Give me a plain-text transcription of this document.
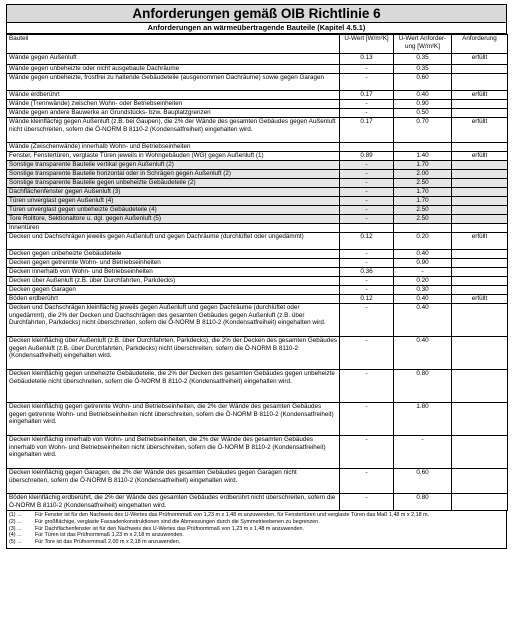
Anforderungen gemäß OIB Richtlinie 6
Anforderungen an wärmeübertragende Bauteile (Kapitel 4.5.1)
Bauteil	U-Wert [W/m²K]	U-Wert Anforder-ung [W/m²K]	Anforderung
Wände gegen Außenluft	0.13	0.35	erfüllt
Wände gegen unbeheizte oder nicht ausgebaute Dachräume	-	0.35	
Wände gegen unbeheizte, frostfrei zu haltende Gebäudeteile (ausgenommen Dachräume) sowie gegen Garagen	-	0.60	
Wände erdberührt	0.17	0.40	erfüllt
Wände (Trennwände) zwischen Wohn- oder Betriebseinheiten	-	0.90	
Wände gegen andere Bauwerke an Grundstücks- bzw. Bauplatzgrenzen	-	0.50	
Wände kleinflächig gegen Außenluft (z.B. bei Gaupen), die 2% der Wände des gesamten Gebäudes gegen Außenluft nicht überschreiten, sofern die Ö-NORM B 8110-2 (Kondensatfreiheit) eingehalten wird.	0.17	0.70	erfüllt
Wände (Zwischenwände) innerhalb Wohn- und Betriebseinheiten			
Fenster, Fenstertüren, verglaste Türen jeweils in Wohngebäuden (WG) gegen Außenluft (1)	0.89	1.40	erfüllt
Sonstige transparente Bauteile vertikal gegen Außenluft (2)	-	1.70	
Sonstige transparente Bauteile horizontal oder in Schrägen gegen Außenluft (2)	-	2.00	
Sonstige transparente Bauteile gegen unbeheizte Gebäudeteile (2)	-	2.50	
Dachflächenfenster gegen Außenluft (3)	-	1.70	
Türen unverglast gegen Außenluft (4)	-	1.70	
Türen unverglast gegen unbeheizte Gebäudeteile (4)	-	2.50	
Tore Rolltore, Sektionaltore u. dgl. gegen Außenluft (5)	-	2.50	
Innentüren			
Decken und Dachschrägen jeweils gegen Außenluft und gegen Dachräume (durchlüftet oder ungedämmt)	0.12	0.20	erfüllt
Decken gegen unbeheizte Gebäudeteile	-	0.40	
Decken gegen getrennte Wohn- und Betriebseinheiten	-	0.90	
Decken innerhalb von Wohn- und Betriebseinheiten	0.36	-	
Decken über Außenluft (z.B. über Durchfahrten, Parkdecks)	-	0.20	
Decken gegen Garagen	-	0.30	
Böden erdberührt	0.12	0.40	erfüllt
Decken und Dachschrägen kleinflächig jeweils gegen Außenluft und gegen Dachräume (durchlüftet oder ungedämmt), die 2% der Decken und Dachschrägen des gesamten Gebäudes gegen Außenluft (z.B. über Durchfahrten, Parkdecks) nicht überschreiten, sofern die Ö-NORM B 8110-2 (Kondensatfreiheit) eingehalten wird.	-	0.40	
Decken kleinflächig über Außenluft (z.B. über Durchfahrten, Parkdecks), die 2% der Decken des gesamten Gebäudes gegen Außenluft (z.B. über Durchfahrten, Parkdecks) nicht überschreiten, sofern die Ö-NORM B 8110-2 (Kondensatfreiheit) eingehalten wird.	-	0.40	
Decken kleinflächig gegen unbeheizte Gebäudeteile, die 2% der Decken des gesamten Gebäudes gegen unbeheizte Gebäudeteile nicht überschreiten, sofern die Ö-NORM B 8110-2 (Kondensatfreiheit) eingehalten wird.	-	0.80	
Decken kleinflächig gegen getrennte Wohn- und Betriebseinheiten, die 2% der Wände des gesamten Gebäudes gegen getrennte Wohn- und Betriebseinheiten nicht überschreiten, sofern die Ö-NORM B 8110-2 (Kondensatfreiheit) eingehalten wird.	-	1.80	
Decken kleinflächig innerhalb von Wohn- und Betriebseinheiten, die 2% der Wände des gesamten Gebäudes innerhalb von Wohn- und Betriebseinheiten nicht überschreiten, sofern die Ö-NORM B 8110-2 (Kondensatfreiheit) eingehalten wird.	-	-	
Decken kleinflächig gegen Garagen, die 2% der Wände des gesamten Gebäudes gegen Garagen nicht überschreiten, sofern die Ö-NORM B 8110-2 (Kondensatfreiheit) eingehalten wird.	-	0.60	
Böden kleinflächig erdberührt, die 2% der Wände des gesamten Gebäudes erdberührt nicht überschreiten, sofern die Ö-NORM B 8110-2 (Kondensatfreiheit) eingehalten wird.	-	0.80	
(1) ...	Für Fenster ist für den Nachweis des U-Wertes das Prüfnormmaß von 1,23 m x 1,48 m anzuwenden, für Fenstertüren und verglaste Türen das Maß 1,48 m x 2,18 m.
(2) ...	Für großflächige, verglaste Fassadenkonstruktionen sind die Abmessungen durch die Symmetrieebenen zu begrenzen.
(3) ...	Für Dachflächenfenster ist für den Nachweis des U-Wertes das Prüfnormmaß von 1,23 m x 1,48 m anzuwenden.
(4) ...	Für Türen ist das Prüfnormmaß 1,23 m x 2,18 m anzuwenden.
(5) ...	Für Tore ist das Prüfnormmaß 2,00 m x 2,18 m anzuwenden.
